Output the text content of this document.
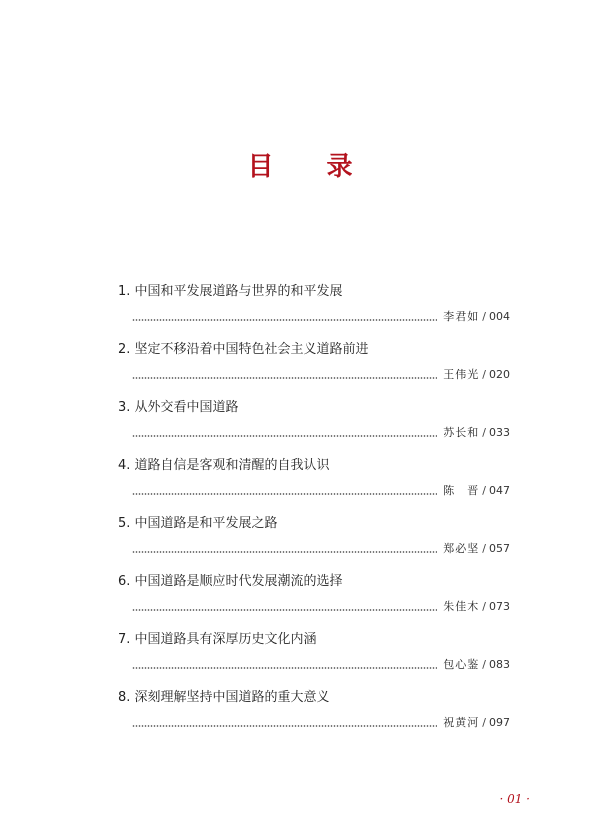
目 录
1. 中国和平发展道路与世界的和平发展
李君如 / 004
2. 坚定不移沿着中国特色社会主义道路前进
王伟光 / 020
3. 从外交看中国道路
苏长和 / 033
4. 道路自信是客观和清醒的自我认识
陈　晋 / 047
5. 中国道路是和平发展之路
郑必坚 / 057
6. 中国道路是顺应时代发展潮流的选择
朱佳木 / 073
7. 中国道路具有深厚历史文化内涵
包心鉴 / 083
8. 深刻理解坚持中国道路的重大意义
祝黄河 / 097
· 01 ·
